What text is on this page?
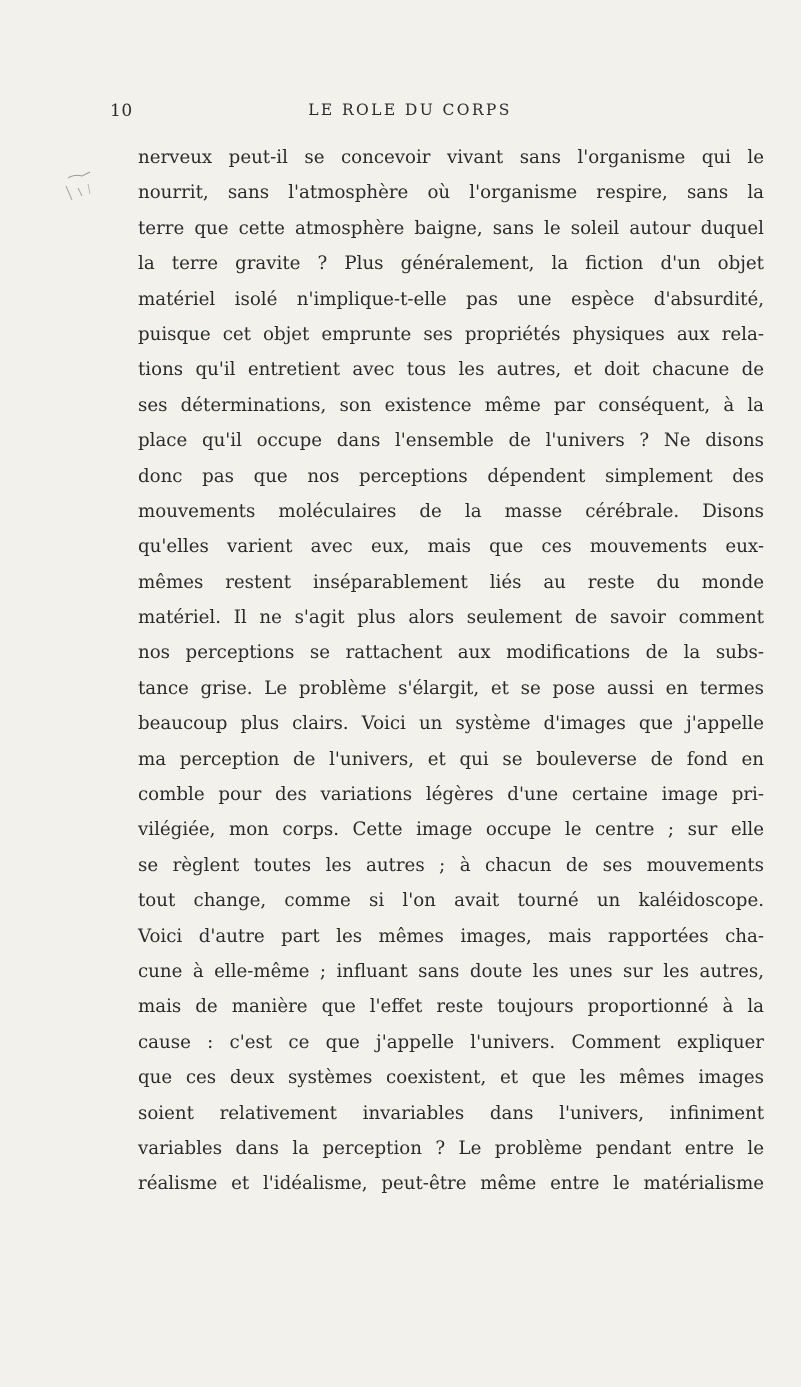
10	LE ROLE DU CORPS
nerveux peut-il se concevoir vivant sans l'organisme qui le
nourrit, sans l'atmosphère où l'organisme respire, sans la
terre que cette atmosphère baigne, sans le soleil autour duquel
la terre gravite ? Plus généralement, la fiction d'un objet
matériel isolé n'implique-t-elle pas une espèce d'absurdité,
puisque cet objet emprunte ses propriétés physiques aux rela-
tions qu'il entretient avec tous les autres, et doit chacune de
ses déterminations, son existence même par conséquent, à la
place qu'il occupe dans l'ensemble de l'univers ? Ne disons
donc pas que nos perceptions dépendent simplement des
mouvements moléculaires de la masse cérébrale. Disons
qu'elles varient avec eux, mais que ces mouvements eux-
mêmes restent inséparablement liés au reste du monde
matériel. Il ne s'agit plus alors seulement de savoir comment
nos perceptions se rattachent aux modifications de la subs-
tance grise. Le problème s'élargit, et se pose aussi en termes
beaucoup plus clairs. Voici un système d'images que j'appelle
ma perception de l'univers, et qui se bouleverse de fond en
comble pour des variations légères d'une certaine image pri-
vilégiée, mon corps. Cette image occupe le centre ; sur elle
se règlent toutes les autres ; à chacun de ses mouvements
tout change, comme si l'on avait tourné un kaléidoscope.
Voici d'autre part les mêmes images, mais rapportées cha-
cune à elle-même ; influant sans doute les unes sur les autres,
mais de manière que l'effet reste toujours proportionné à la
cause : c'est ce que j'appelle l'univers. Comment expliquer
que ces deux systèmes coexistent, et que les mêmes images
soient relativement invariables dans l'univers, infiniment
variables dans la perception ? Le problème pendant entre le
réalisme et l'idéalisme, peut-être même entre le matérialisme
